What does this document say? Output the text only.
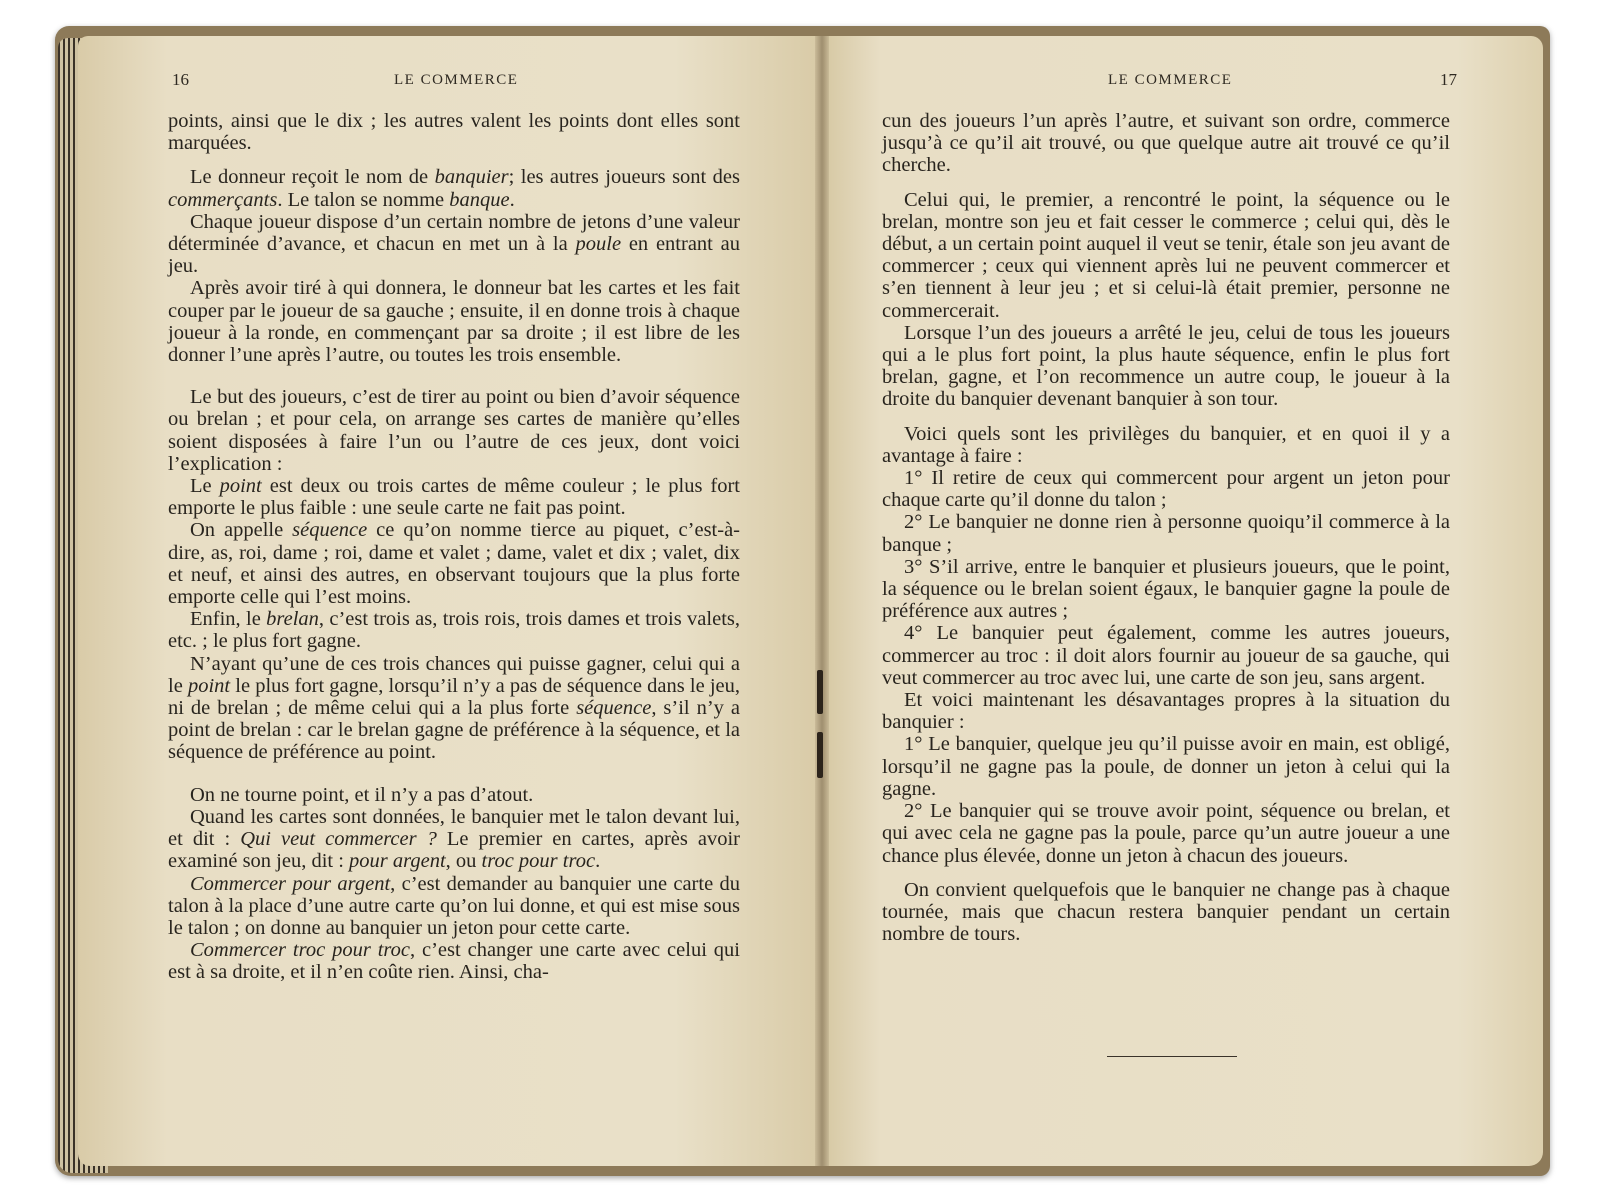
16	LE COMMERCE

points, ainsi que le dix ; les autres valent les points dont elles sont marquées.

Le donneur reçoit le nom de banquier; les autres joueurs sont des commerçants. Le talon se nomme banque.

Chaque joueur dispose d’un certain nombre de jetons d’une valeur déterminée d’avance, et chacun en met un à la poule en entrant au jeu.

Après avoir tiré à qui donnera, le donneur bat les cartes et les fait couper par le joueur de sa gauche ; ensuite, il en donne trois à chaque joueur à la ronde, en commençant par sa droite ; il est libre de les donner l’une après l’autre, ou toutes les trois ensemble.

Le but des joueurs, c’est de tirer au point ou bien d’avoir séquence ou brelan ; et pour cela, on arrange ses cartes de manière qu’elles soient disposées à faire l’un ou l’autre de ces jeux, dont voici l’explication :

Le point est deux ou trois cartes de même couleur ; le plus fort emporte le plus faible : une seule carte ne fait pas point.

On appelle séquence ce qu’on nomme tierce au piquet, c’est-à-dire, as, roi, dame ; roi, dame et valet ; dame, valet et dix ; valet, dix et neuf, et ainsi des autres, en observant toujours que la plus forte emporte celle qui l’est moins.

Enfin, le brelan, c’est trois as, trois rois, trois dames et trois valets, etc. ; le plus fort gagne.

N’ayant qu’une de ces trois chances qui puisse gagner, celui qui a le point le plus fort gagne, lorsqu’il n’y a pas de séquence dans le jeu, ni de brelan ; de même celui qui a la plus forte séquence, s’il n’y a point de brelan : car le brelan gagne de préférence à la séquence, et la séquence de préférence au point.

On ne tourne point, et il n’y a pas d’atout.

Quand les cartes sont données, le banquier met le talon devant lui, et dit : Qui veut commercer ? Le premier en cartes, après avoir examiné son jeu, dit : pour argent, ou troc pour troc.

Commercer pour argent, c’est demander au banquier une carte du talon à la place d’une autre carte qu’on lui donne, et qui est mise sous le talon ; on donne au banquier un jeton pour cette carte.

Commercer troc pour troc, c’est changer une carte avec celui qui est à sa droite, et il n’en coûte rien. Ainsi, cha-

LE COMMERCE	17

cun des joueurs l’un après l’autre, et suivant son ordre, commerce jusqu’à ce qu’il ait trouvé, ou que quelque autre ait trouvé ce qu’il cherche.

Celui qui, le premier, a rencontré le point, la séquence ou le brelan, montre son jeu et fait cesser le commerce ; celui qui, dès le début, a un certain point auquel il veut se tenir, étale son jeu avant de commercer ; ceux qui viennent après lui ne peuvent commercer et s’en tiennent à leur jeu ; et si celui-là était premier, personne ne commercerait.

Lorsque l’un des joueurs a arrêté le jeu, celui de tous les joueurs qui a le plus fort point, la plus haute séquence, enfin le plus fort brelan, gagne, et l’on recommence un autre coup, le joueur à la droite du banquier devenant banquier à son tour.

Voici quels sont les privilèges du banquier, et en quoi il y a avantage à faire :

1° Il retire de ceux qui commercent pour argent un jeton pour chaque carte qu’il donne du talon ;

2° Le banquier ne donne rien à personne quoiqu’il commerce à la banque ;

3° S’il arrive, entre le banquier et plusieurs joueurs, que le point, la séquence ou le brelan soient égaux, le banquier gagne la poule de préférence aux autres ;

4° Le banquier peut également, comme les autres joueurs, commercer au troc : il doit alors fournir au joueur de sa gauche, qui veut commercer au troc avec lui, une carte de son jeu, sans argent.

Et voici maintenant les désavantages propres à la situation du banquier :

1° Le banquier, quelque jeu qu’il puisse avoir en main, est obligé, lorsqu’il ne gagne pas la poule, de donner un jeton à celui qui la gagne.

2° Le banquier qui se trouve avoir point, séquence ou brelan, et qui avec cela ne gagne pas la poule, parce qu’un autre joueur a une chance plus élevée, donne un jeton à chacun des joueurs.

On convient quelquefois que le banquier ne change pas à chaque tournée, mais que chacun restera banquier pendant un certain nombre de tours.
